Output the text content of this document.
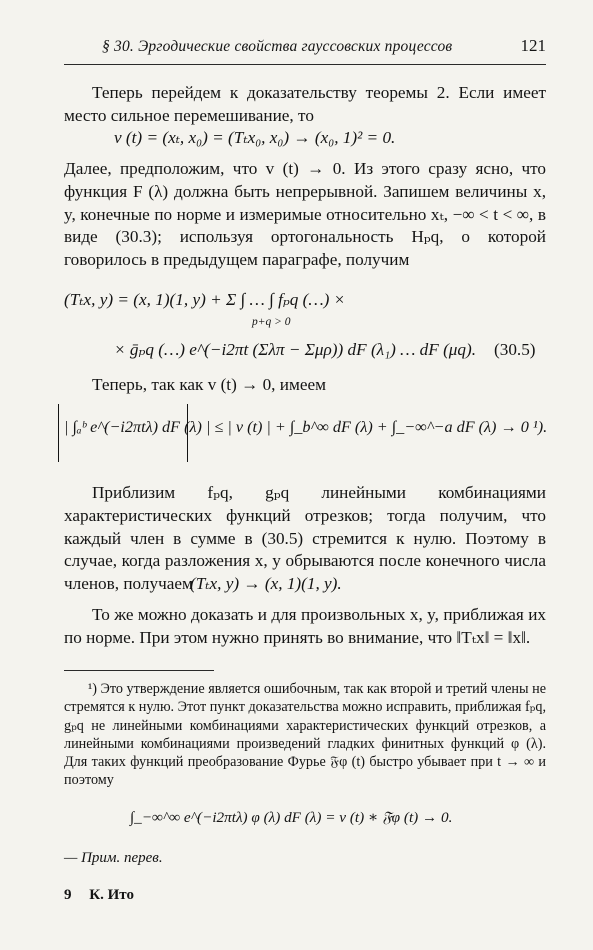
§ 30. Эргодические свойства гауссовских процессов	121
Теперь перейдем к доказательству теоремы 2. Если имеет место сильное перемешивание, то
v (t) = (xₜ, x₀) = (Tₜx₀, x₀) → (x₀, 1)² = 0.
Далее, предположим, что v (t) → 0. Из этого сразу ясно, что функция F (λ) должна быть непрерывной. Запишем величины x, y, конечные по норме и измеримые относительно xₜ, −∞ < t < ∞, в виде (30.3); используя ортогональность Hₚq, о которой говорилось в предыдущем параграфе, получим
(Tₜx, y) = (x, 1)(1, y) + Σ ∫ … ∫ fₚq (…) ×
p+q > 0
× ḡₚq (…) e^(−i2πt (Σλπ − Σμρ)) dF (λ₁) … dF (μq). (30.5)
Теперь, так как v (t) → 0, имеем
| ∫ₐᵇ e^(−i2πtλ) dF (λ) | ≤ | v (t) | + ∫_b^∞ dF (λ) + ∫_−∞^−a dF (λ) → 0 ¹).
Приблизим fₚq, gₚq линейными комбинациями характеристических функций отрезков; тогда получим, что каждый член в сумме в (30.5) стремится к нулю. Поэтому в случае, когда разложения x, y обрываются после конечного числа членов, получаем
(Tₜx, y) → (x, 1)(1, y).
То же можно доказать и для произвольных x, y, приближая их по норме. При этом нужно принять во внимание, что ‖Tₜx‖ = ‖x‖.
¹) Это утверждение является ошибочным, так как второй и третий члены не стремятся к нулю. Этот пункт доказательства можно исправить, приближая fₚq, gₚq не линейными комбинациями характеристических функций отрезков, а линейными комбинациями произведений гладких финитных функций φ (λ). Для таких функций преобразование Фурье 𝔉φ (t) быстро убывает при t → ∞ и поэтому
∫_−∞^∞ e^(−i2πtλ) φ (λ) dF (λ) = v (t) ∗ 𝔉φ (t) → 0.
— Прим. перев.
9 К. Ито
